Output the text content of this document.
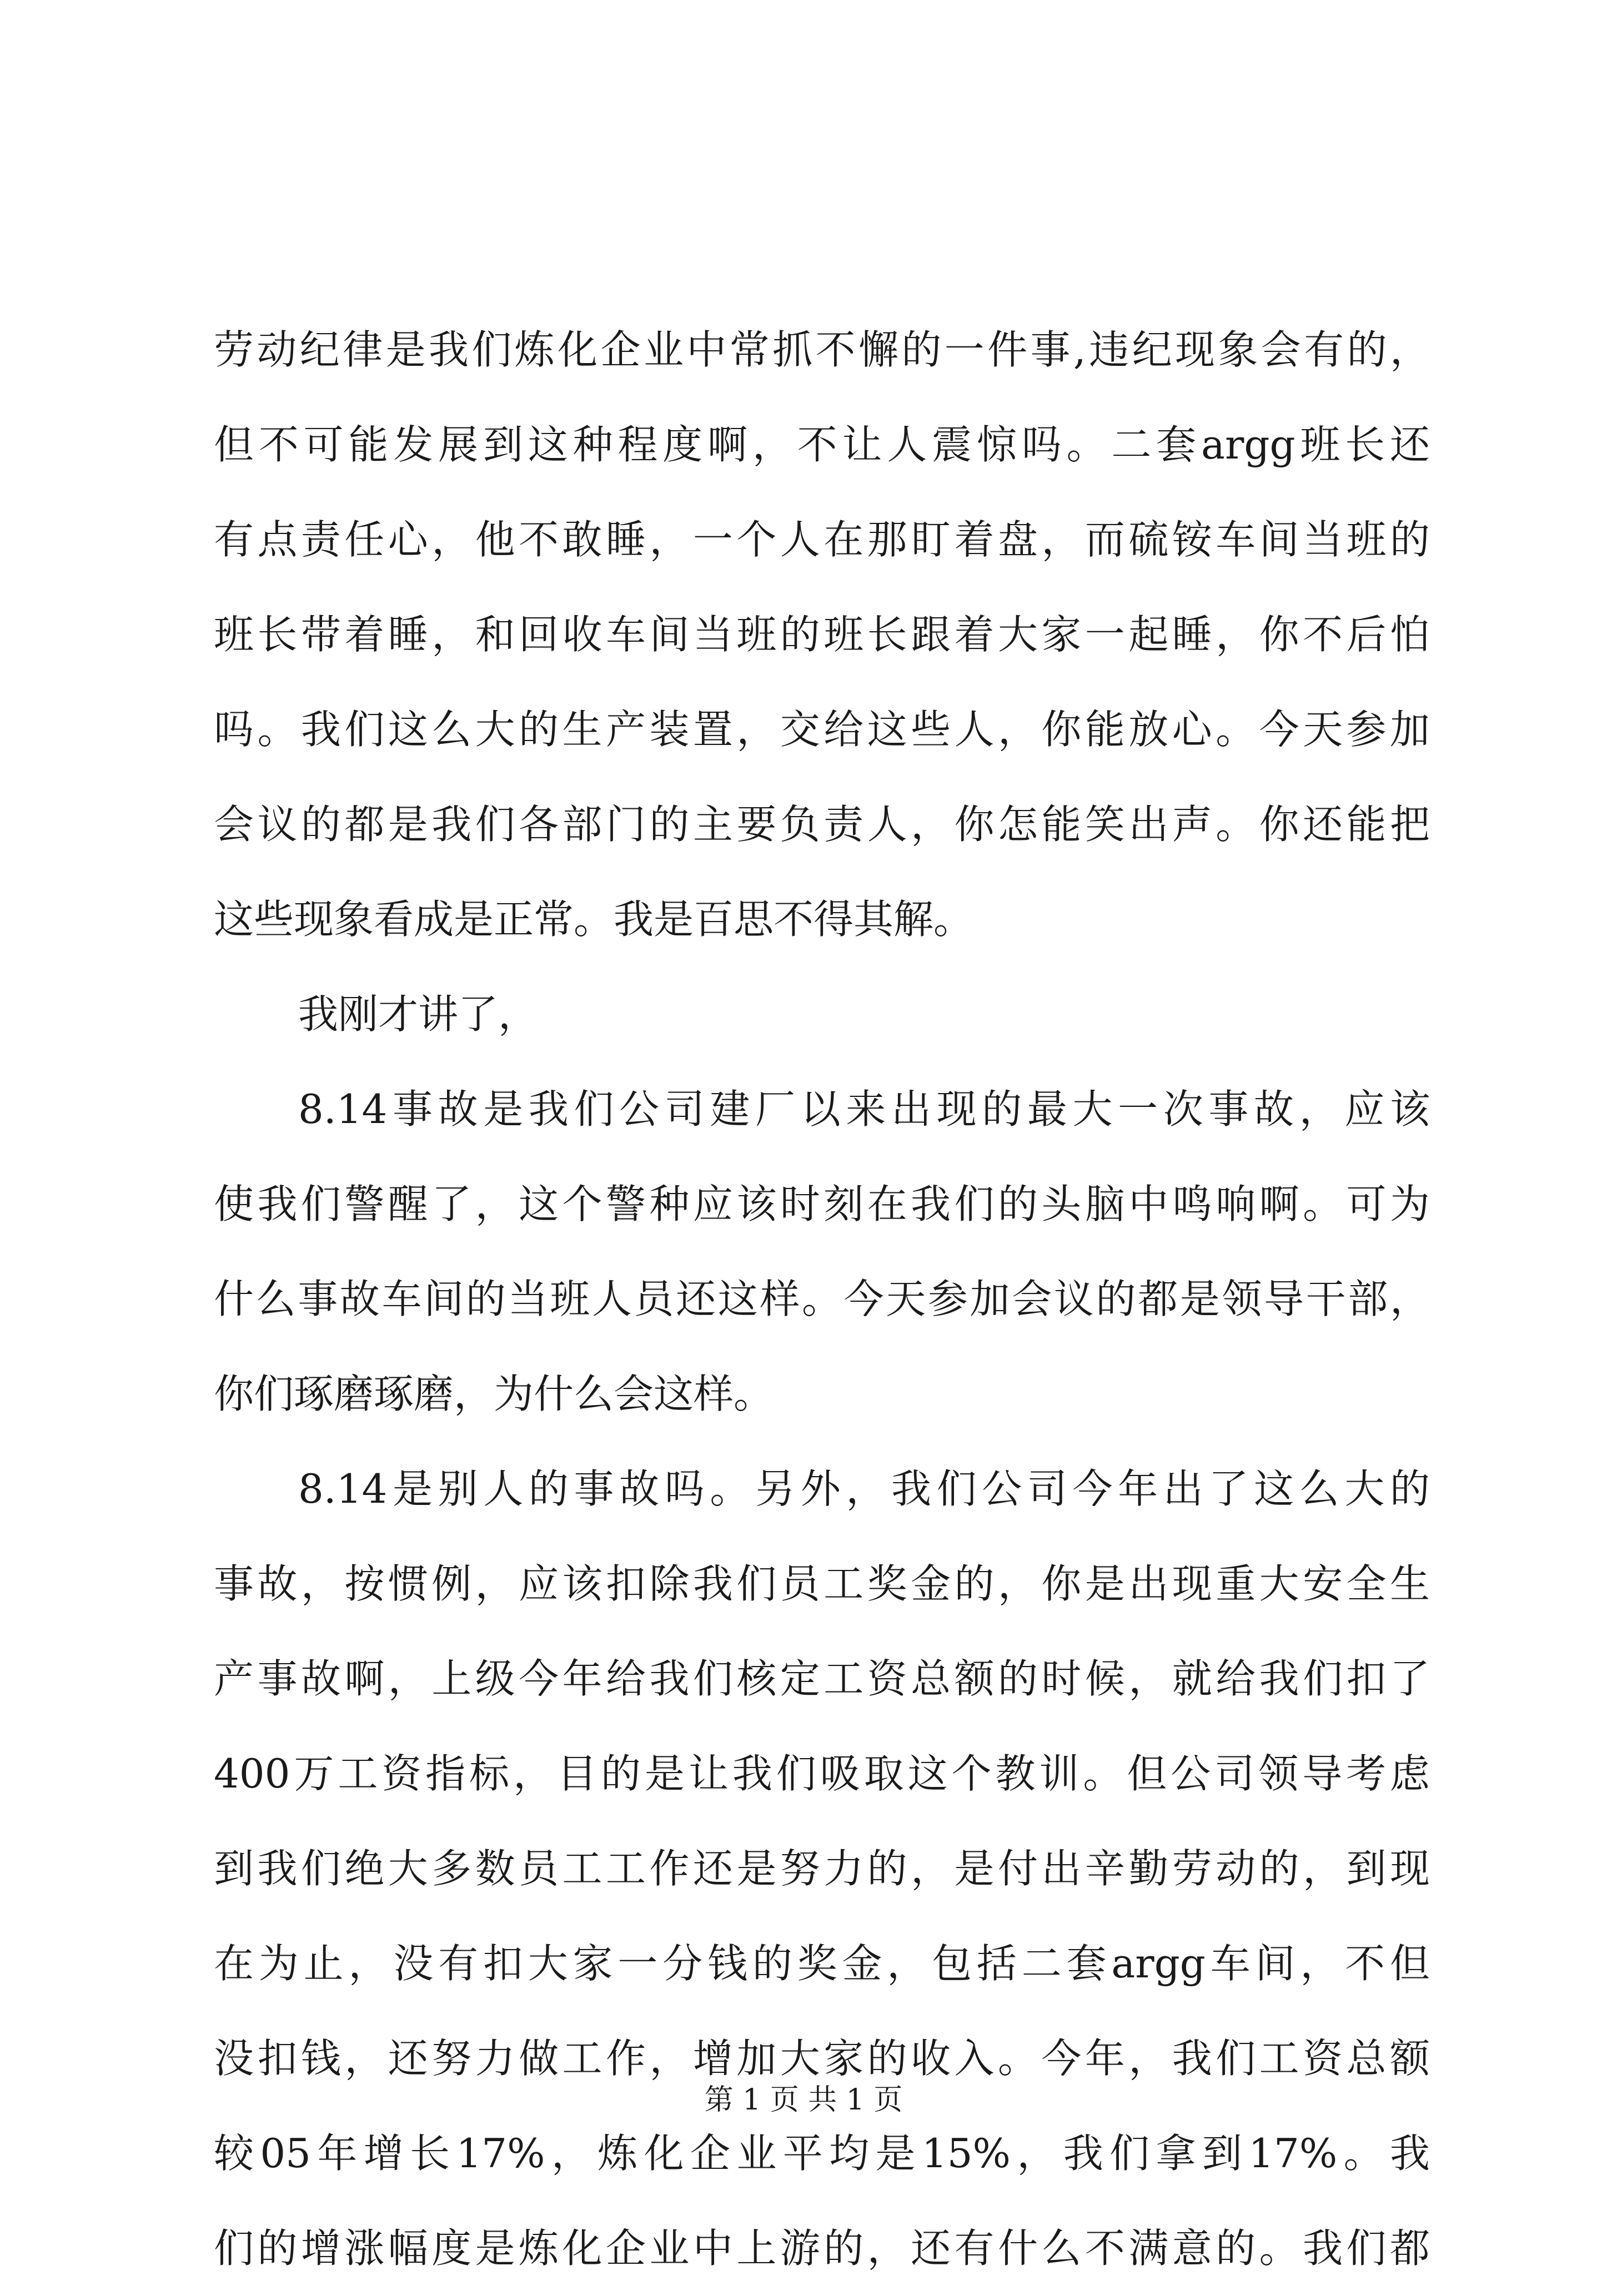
劳动纪律是我们炼化企业中常抓不懈的一件事,违纪现象会有的，
但不可能发展到这种程度啊，不让人震惊吗。二套argg班长还
有点责任心，他不敢睡，一个人在那盯着盘，而硫铵车间当班的
班长带着睡，和回收车间当班的班长跟着大家一起睡，你不后怕
吗。我们这么大的生产装置，交给这些人，你能放心。今天参加
会议的都是我们各部门的主要负责人，你怎能笑出声。你还能把
这些现象看成是正常。我是百思不得其解。
我刚才讲了，
8.14事故是我们公司建厂以来出现的最大一次事故，应该
使我们警醒了，这个警种应该时刻在我们的头脑中鸣响啊。可为
什么事故车间的当班人员还这样。今天参加会议的都是领导干部，
你们琢磨琢磨，为什么会这样。
8.14是别人的事故吗。另外，我们公司今年出了这么大的
事故，按惯例，应该扣除我们员工奖金的，你是出现重大安全生
产事故啊，上级今年给我们核定工资总额的时候，就给我们扣了
400万工资指标，目的是让我们吸取这个教训。但公司领导考虑
到我们绝大多数员工工作还是努力的，是付出辛勤劳动的，到现
在为止，没有扣大家一分钱的奖金，包括二套argg车间，不但
没扣钱，还努力做工作，增加大家的收入。今年，我们工资总额
较05年增长17%，炼化企业平均是15%，我们拿到17%。我
们的增涨幅度是炼化企业中上游的，还有什么不满意的。我们都
第 1 页 共 1 页
